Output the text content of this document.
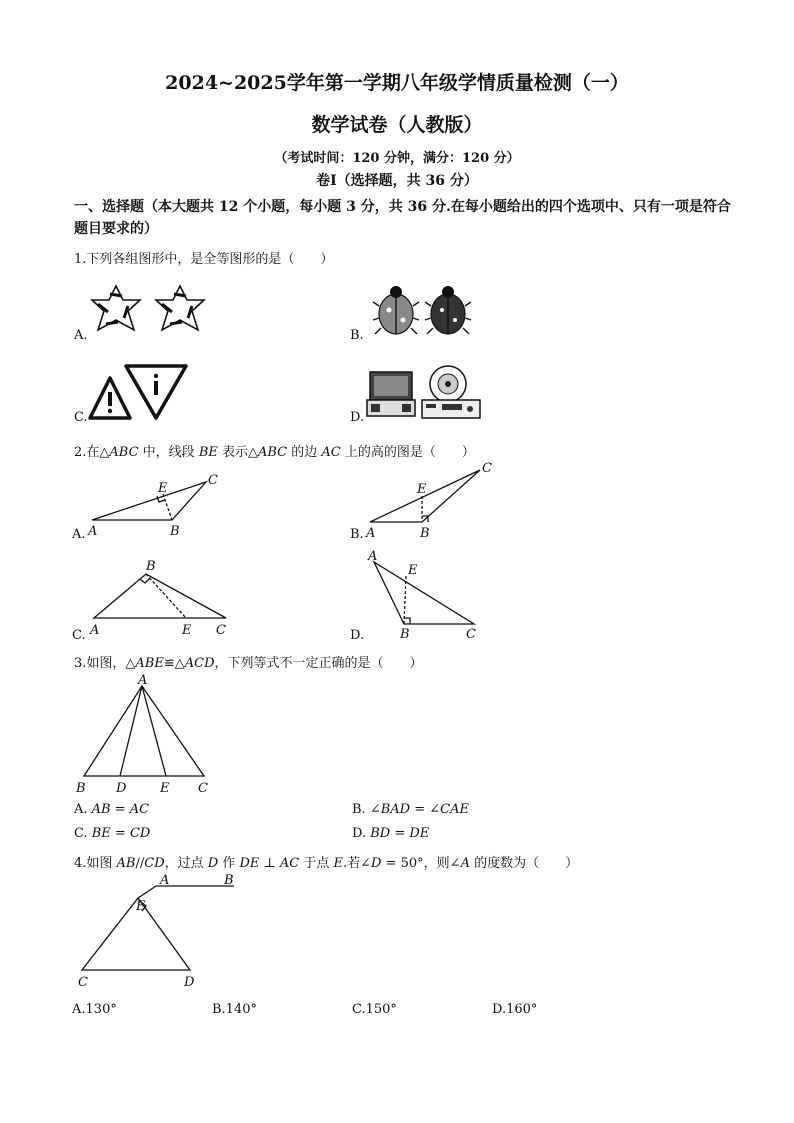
2024~2025学年第一学期八年级学情质量检测（一）
数学试卷（人教版）
（考试时间：120 分钟，满分：120 分）
卷Ⅰ（选择题，共 36 分）
一、选择题（本大题共 12 个小题，每小题 3 分，共 36 分.在每小题给出的四个选项中、只有一项是符合题目要求的）
1.下列各组图形中，是全等图形的是（　　）
A.	B.
C.	D.
2.在△ABC 中，线段 BE 表示△ABC 的边 AC 上的高的图是（　　）
A.
E
C
A	B	B.
E
C
A	B
C.
B
A	E C	D.
A
E
B	C
3.如图，△ABE≌△ACD，下列等式不一定正确的是（　　）
A
B D	E C
A. AB = AC	B. ∠BAD = ∠CAE
C. BE = CD	D. BD = DE
4.如图 AB//CD，过点 D 作 DE ⊥ AC 于点 E.若∠D = 50°，则∠A 的度数为（　　）
A	B
E
C	D
A.130°	B.140°	C.150°	D.160°
